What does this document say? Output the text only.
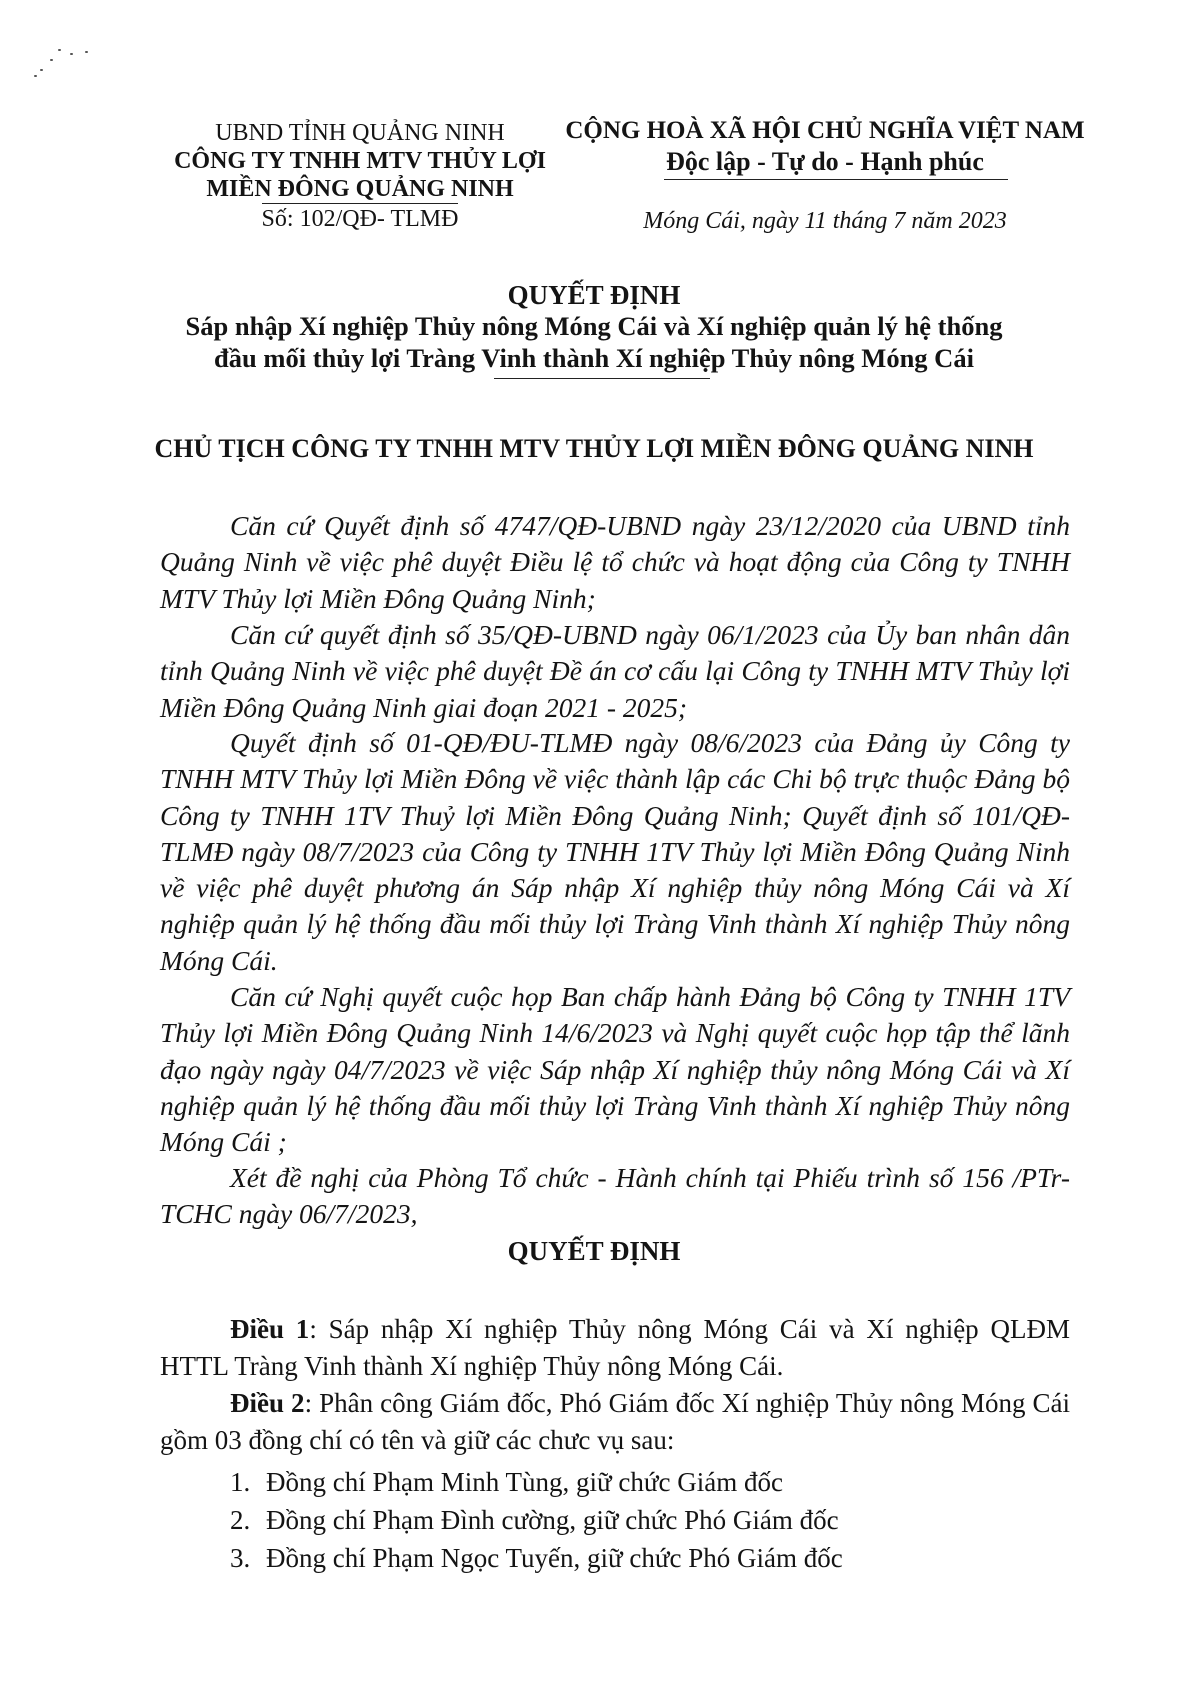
UBND TỈNH QUẢNG NINH
CÔNG TY TNHH MTV THỦY LỢI
MIỀN ĐÔNG QUẢNG NINH
Số: 102/QĐ- TLMĐ
CỘNG HOÀ XÃ HỘI CHỦ NGHĨA VIỆT NAM
Độc lập - Tự do - Hạnh phúc
Móng Cái, ngày 11 tháng 7 năm 2023
QUYẾT ĐỊNH
Sáp nhập Xí nghiệp Thủy nông Móng Cái và Xí nghiệp quản lý hệ thống
đầu mối thủy lợi Tràng Vinh thành Xí nghiệp Thủy nông Móng Cái
CHỦ TỊCH CÔNG TY TNHH MTV THỦY LỢI MIỀN ĐÔNG QUẢNG NINH
Căn cứ Quyết định số 4747/QĐ-UBND ngày 23/12/2020 của UBND tỉnh Quảng Ninh về việc phê duyệt Điều lệ tổ chức và hoạt động của Công ty TNHH MTV Thủy lợi Miền Đông Quảng Ninh;
Căn cứ quyết định số 35/QĐ-UBND ngày 06/1/2023 của Ủy ban nhân dân tỉnh Quảng Ninh về việc phê duyệt Đề án cơ cấu lại Công ty TNHH MTV Thủy lợi Miền Đông Quảng Ninh giai đoạn 2021 - 2025;
Quyết định số 01-QĐ/ĐU-TLMĐ ngày 08/6/2023 của Đảng ủy Công ty TNHH MTV Thủy lợi Miền Đông về việc thành lập các Chi bộ trực thuộc Đảng bộ Công ty TNHH 1TV Thuỷ lợi Miền Đông Quảng Ninh; Quyết định số 101/QĐ-TLMĐ ngày 08/7/2023 của Công ty TNHH 1TV Thủy lợi Miền Đông Quảng Ninh về việc phê duyệt phương án Sáp nhập Xí nghiệp thủy nông Móng Cái và Xí nghiệp quản lý hệ thống đầu mối thủy lợi Tràng Vinh thành Xí nghiệp Thủy nông Móng Cái.
Căn cứ Nghị quyết cuộc họp Ban chấp hành Đảng bộ Công ty TNHH 1TV Thủy lợi Miền Đông Quảng Ninh 14/6/2023 và Nghị quyết cuộc họp tập thể lãnh đạo ngày ngày 04/7/2023 về việc Sáp nhập Xí nghiệp thủy nông Móng Cái và Xí nghiệp quản lý hệ thống đầu mối thủy lợi Tràng Vinh thành Xí nghiệp Thủy nông Móng Cái ;
Xét đề nghị của Phòng Tổ chức - Hành chính tại Phiếu trình số 156 /PTr-TCHC ngày 06/7/2023,
QUYẾT ĐỊNH
Điều 1: Sáp nhập Xí nghiệp Thủy nông Móng Cái và Xí nghiệp QLĐM HTTL Tràng Vinh thành Xí nghiệp Thủy nông Móng Cái.
Điều 2: Phân công Giám đốc, Phó Giám đốc Xí nghiệp Thủy nông Móng Cái gồm 03 đồng chí có tên và giữ các chưc vụ sau:
1. Đồng chí Phạm Minh Tùng, giữ chức Giám đốc
2. Đồng chí Phạm Đình cường, giữ chức Phó Giám đốc
3. Đồng chí Phạm Ngọc Tuyến, giữ chức Phó Giám đốc
